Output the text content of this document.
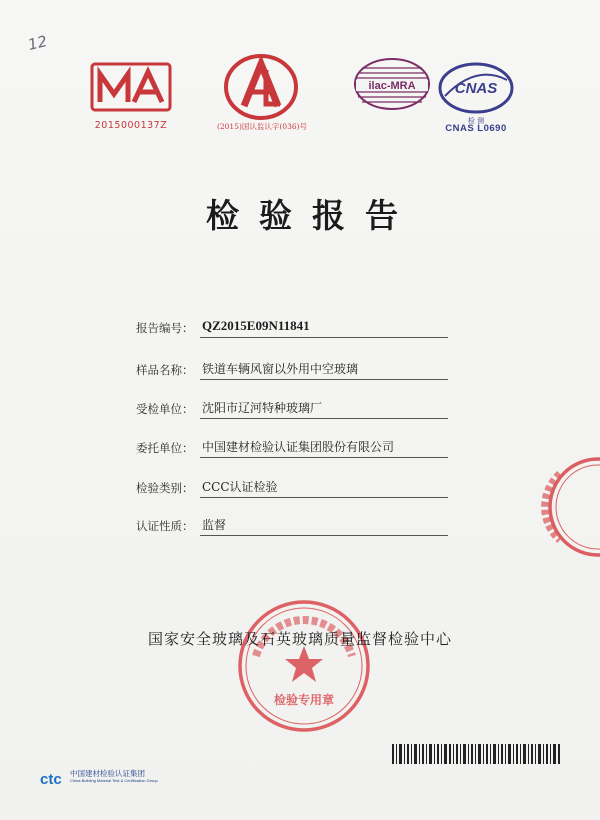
12
2015000137Z	(2015)国认监认字(036)号
ilac-MRA	CNAS
检 测
CNAS L0690
检验报告
报告编号： QZ2015E09N11841
样品名称： 铁道车辆风窗以外用中空玻璃
受检单位： 沈阳市辽河特种玻璃厂
委托单位： 中国建材检验认证集团股份有限公司
检验类别： CCC认证检验
认证性质： 监督
检验专用章
国家安全玻璃及石英玻璃质量监督检验中心
ctc 中国建材检验认证集团
China Building Material Test & Certification Group
